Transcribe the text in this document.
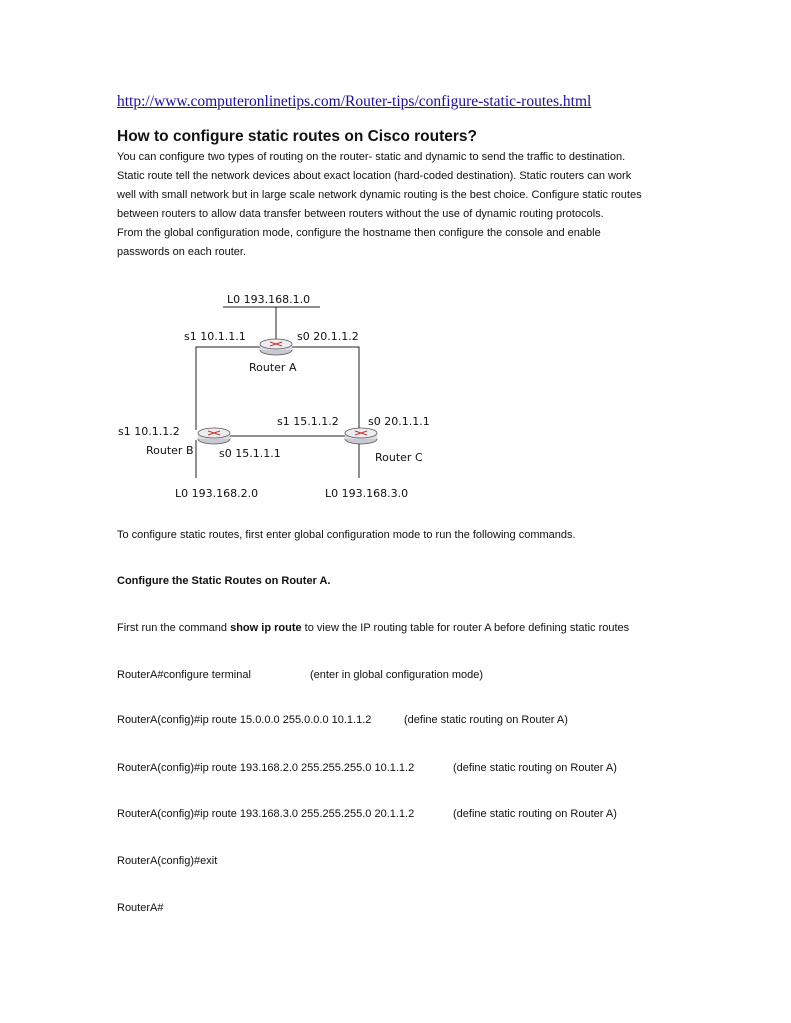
http://www.computeronlinetips.com/Router-tips/configure-static-routes.html
How to configure static routes on Cisco routers?
You can configure two types of routing on the router- static and dynamic to send the traffic to destination.
Static route tell the network devices about exact location (hard-coded destination). Static routers can work
well with small network but in large scale network dynamic routing is the best choice. Configure static routes
between routers to allow data transfer between routers without the use of dynamic routing protocols.
From the global configuration mode, configure the hostname then configure the console and enable
passwords on each router.
L0 193.168.1.0
s1 10.1.1.1	s0 20.1.1.2
Router A
s1 10.1.1.2
Router B s0 15.1.1.1
L0 193.168.2.0
s1 15.1.1.2	s0 20.1.1.1
Router C
L0 193.168.3.0
To configure static routes, first enter global configuration mode to run the following commands.
Configure the Static Routes on Router A.
First run the command show ip route to view the IP routing table for router A before defining static routes
RouterA#configure terminal	(enter in global configuration mode)
RouterA(config)#ip route 15.0.0.0 255.0.0.0 10.1.1.2	(define static routing on Router A)
RouterA(config)#ip route 193.168.2.0 255.255.255.0 10.1.1.2	(define static routing on Router A)
RouterA(config)#ip route 193.168.3.0 255.255.255.0 20.1.1.2	(define static routing on Router A)
RouterA(config)#exit
RouterA#
